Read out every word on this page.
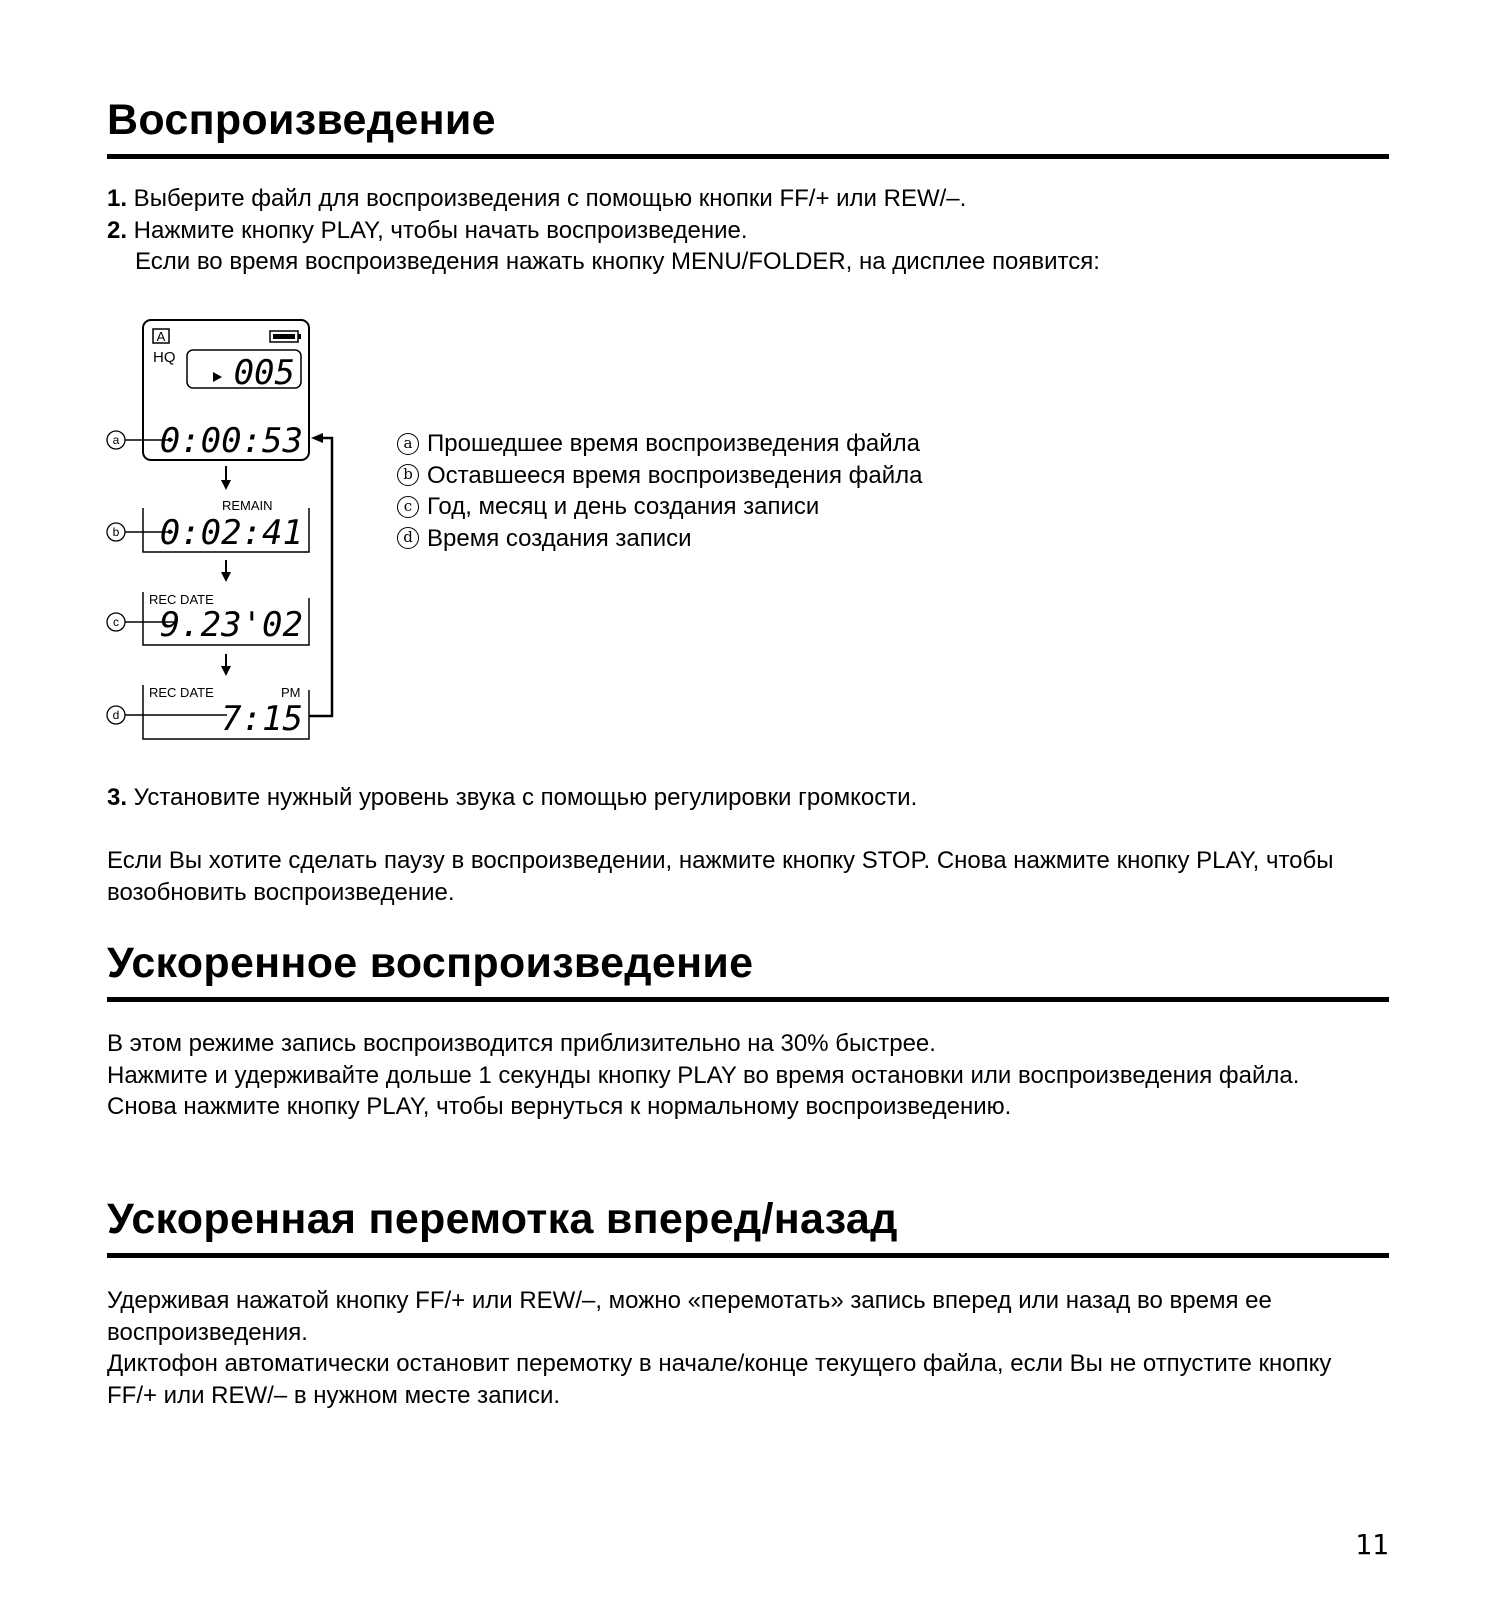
Воспроизведение

1. Выберите файл для воспроизведения с помощью кнопки FF/+ или REW/–.

2. Нажмите кнопку PLAY, чтобы начать воспроизведение.

Если во время воспроизведения нажать кнопку MENU/FOLDER, на дисплее появится:

A
HQ 005
a 0:00:53
REMAIN
b 0:02:41
REC DATE
c 9.23'02
REC DATE	PM
d	7:15
a Прошедшее время воспроизведения файла
b Оставшееся время воспроизведения файла
c Год, месяц и день создания записи
d Время создания записи

3. Установите нужный уровень звука с помощью регулировки громкости.

Если Вы хотите сделать паузу в воспроизведении, нажмите кнопку STOP. Снова нажмите кнопку PLAY, чтобы возобновить воспроизведение.

Ускоренное воспроизведение

В этом режиме запись воспроизводится приблизительно на 30% быстрее.

Нажмите и удерживайте дольше 1 секунды кнопку PLAY во время остановки или воспроизведения файла.

Снова нажмите кнопку PLAY, чтобы вернуться к нормальному воспроизведению.

Ускоренная перемотка вперед/назад

Удерживая нажатой кнопку FF/+ или REW/–, можно «перемотать» запись вперед или назад во время ее воспроизведения.

Диктофон автоматически остановит перемотку в начале/конце текущего файла, если Вы не отпустите кнопку FF/+ или REW/– в нужном месте записи.

11
